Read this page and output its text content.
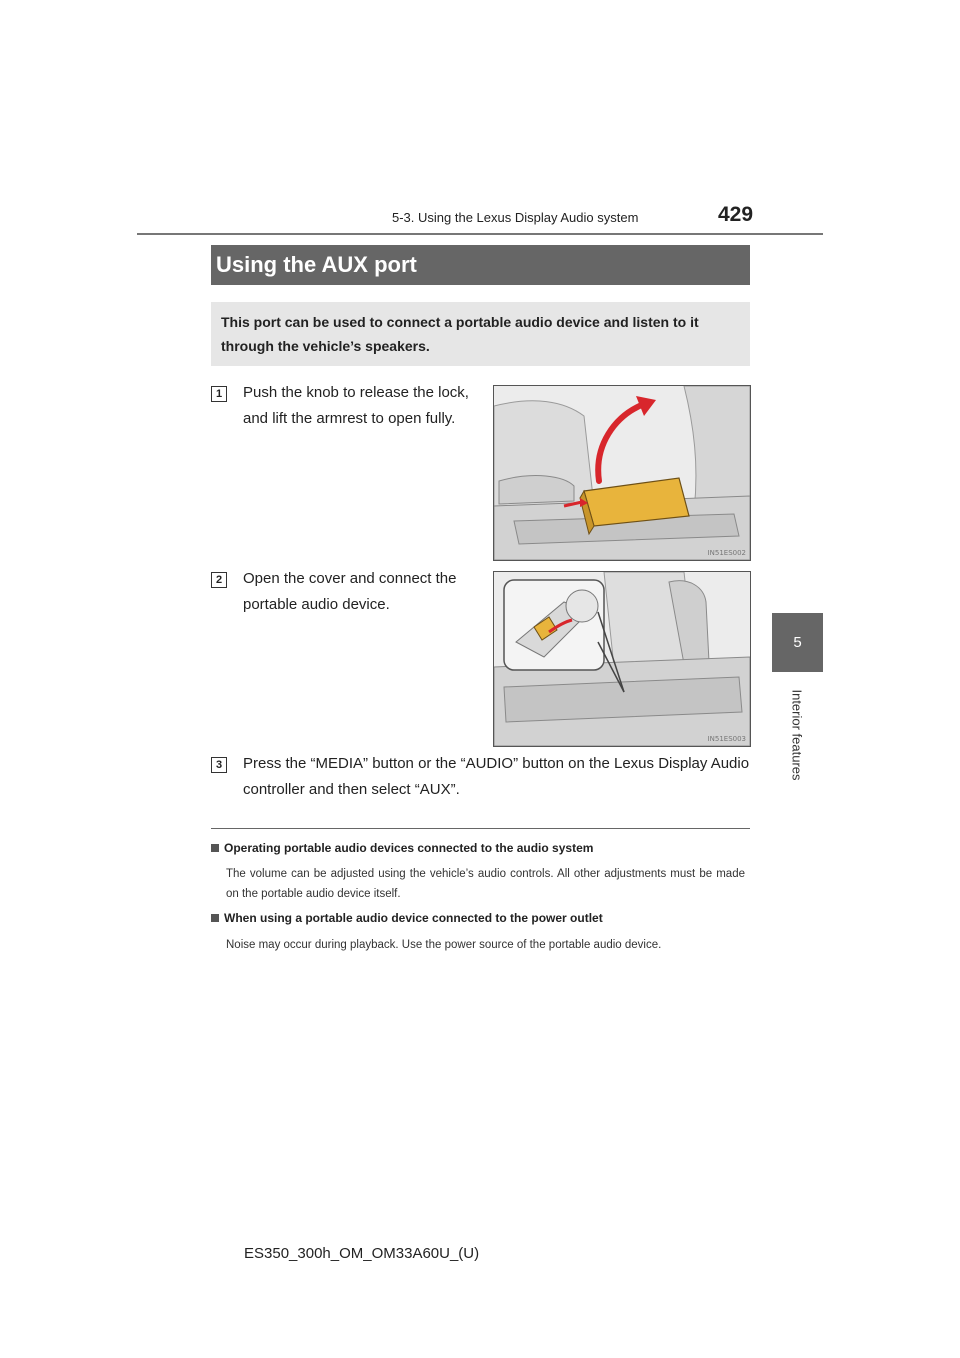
5-3. Using the Lexus Display Audio system	429
5
Interior features
Using the AUX port
This port can be used to connect a portable audio device and listen to it through the vehicle’s speakers.
1	Push the knob to release the lock, and lift the armrest to open fully.
IN51ES002
2	Open the cover and connect the portable audio device.
IN51ES003
3	Press the “MEDIA” button or the “AUDIO” button on the Lexus Display Audio controller and then select “AUX”.
Operating portable audio devices connected to the audio system
The volume can be adjusted using the vehicle’s audio controls. All other adjustments must be made on the portable audio device itself.
When using a portable audio device connected to the power outlet
Noise may occur during playback. Use the power source of the portable audio device.
ES350_300h_OM_OM33A60U_(U)
